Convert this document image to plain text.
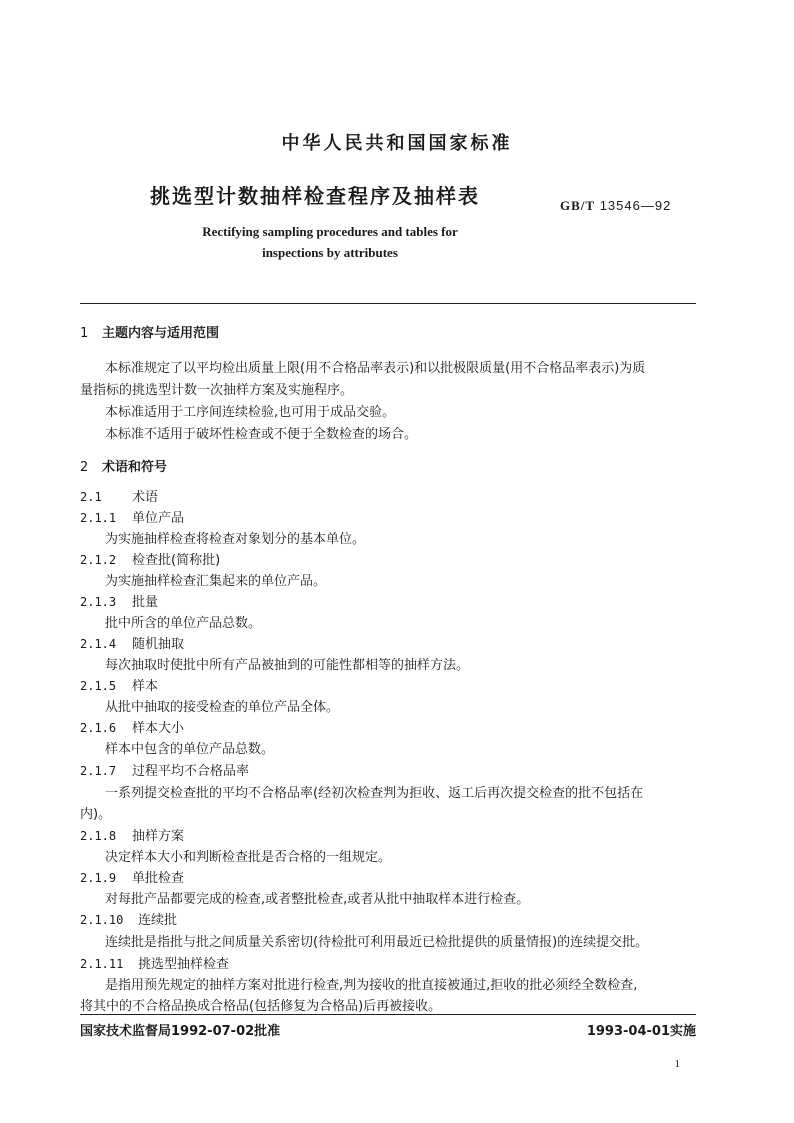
中华人民共和国国家标准
挑选型计数抽样检查程序及抽样表	GB/T 13546—92
Rectifying sampling procedures and tables for
inspections by attributes
1 主题内容与适用范围
本标准规定了以平均检出质量上限(用不合格品率表示)和以批极限质量(用不合格品率表示)为质
量指标的挑选型计数一次抽样方案及实施程序。
本标准适用于工序间连续检验,也可用于成品交验。
本标准不适用于破坏性检查或不便于全数检查的场合。
2 术语和符号
2.1 术语
2.1.1 单位产品
为实施抽样检查将检查对象划分的基本单位。
2.1.2 检查批(简称批)
为实施抽样检查汇集起来的单位产品。
2.1.3 批量
批中所含的单位产品总数。
2.1.4 随机抽取
每次抽取时使批中所有产品被抽到的可能性都相等的抽样方法。
2.1.5 样本
从批中抽取的接受检查的单位产品全体。
2.1.6 样本大小
样本中包含的单位产品总数。
2.1.7 过程平均不合格品率
一系列提交检查批的平均不合格品率(经初次检查判为拒收、返工后再次提交检查的批不包括在
内)。
2.1.8 抽样方案
决定样本大小和判断检查批是否合格的一组规定。
2.1.9 单批检查
对每批产品都要完成的检查,或者整批检查,或者从批中抽取样本进行检查。
2.1.10 连续批
连续批是指批与批之间质量关系密切(待检批可利用最近已检批提供的质量情报)的连续提交批。
2.1.11 挑选型抽样检查
是指用预先规定的抽样方案对批进行检查,判为接收的批直接被通过,拒收的批必须经全数检查,
将其中的不合格品换成合格品(包括修复为合格品)后再被接收。
国家技术监督局1992-07-02批准	1993-04-01实施
1
